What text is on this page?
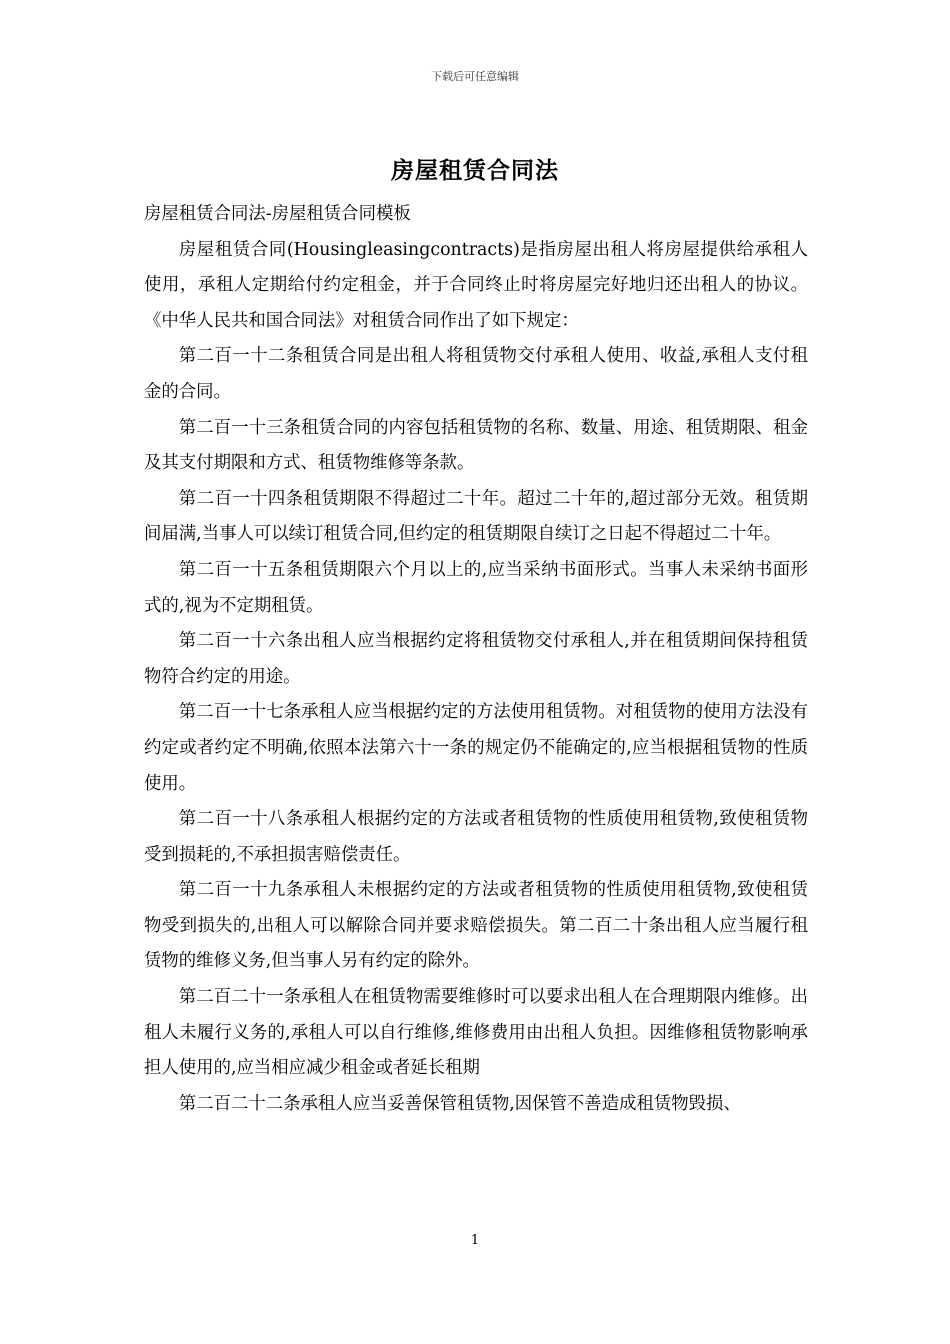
下载后可任意编辑
房屋租赁合同法

房屋租赁合同法-房屋租赁合同模板

房屋租赁合同(Housingleasingcontracts)是指房屋出租人将房屋提供给承租人使用，承租人定期给付约定租金，并于合同终止时将房屋完好地归还出租人的协议。《中华人民共和国合同法》对租赁合同作出了如下规定：

第二百一十二条租赁合同是出租人将租赁物交付承租人使用、收益,承租人支付租金的合同。

第二百一十三条租赁合同的内容包括租赁物的名称、数量、用途、租赁期限、租金及其支付期限和方式、租赁物维修等条款。

第二百一十四条租赁期限不得超过二十年。超过二十年的,超过部分无效。租赁期间届满,当事人可以续订租赁合同,但约定的租赁期限自续订之日起不得超过二十年。

第二百一十五条租赁期限六个月以上的,应当采纳书面形式。当事人未采纳书面形式的,视为不定期租赁。

第二百一十六条出租人应当根据约定将租赁物交付承租人,并在租赁期间保持租赁物符合约定的用途。

第二百一十七条承租人应当根据约定的方法使用租赁物。对租赁物的使用方法没有约定或者约定不明确,依照本法第六十一条的规定仍不能确定的,应当根据租赁物的性质使用。

第二百一十八条承租人根据约定的方法或者租赁物的性质使用租赁物,致使租赁物受到损耗的,不承担损害赔偿责任。

第二百一十九条承租人未根据约定的方法或者租赁物的性质使用租赁物,致使租赁物受到损失的,出租人可以解除合同并要求赔偿损失。第二百二十条出租人应当履行租赁物的维修义务,但当事人另有约定的除外。

第二百二十一条承租人在租赁物需要维修时可以要求出租人在合理期限内维修。出租人未履行义务的,承租人可以自行维修,维修费用由出租人负担。因维修租赁物影响承担人使用的,应当相应减少租金或者延长租期

第二百二十二条承租人应当妥善保管租赁物,因保管不善造成租赁物毁损、

1
